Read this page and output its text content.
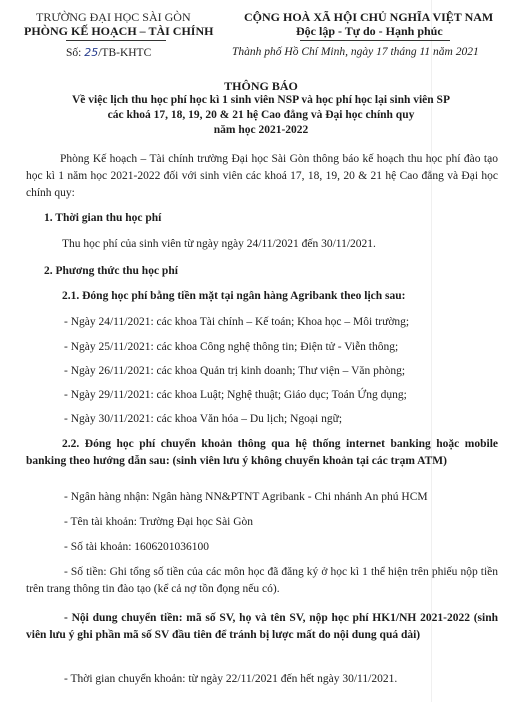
TRƯỜNG ĐẠI HỌC SÀI GÒN
PHÒNG KẾ HOẠCH – TÀI CHÍNH
Số: 25/TB-KHTC
CỘNG HOÀ XÃ HỘI CHỦ NGHĨA VIỆT NAM
Độc lập - Tự do - Hạnh phúc
Thành phố Hồ Chí Minh, ngày 17 tháng 11 năm 2021
THÔNG BÁO
Về việc lịch thu học phí học kì 1 sinh viên NSP và học phí học lại sinh viên SP
các khoá 17, 18, 19, 20 & 21 hệ Cao đẳng và Đại học chính quy
năm học 2021-2022
Phòng Kế hoạch – Tài chính trường Đại học Sài Gòn thông báo kế hoạch thu học phí đào tạo học kì 1 năm học 2021-2022 đối với sinh viên các khoá 17, 18, 19, 20 & 21 hệ Cao đẳng và Đại học chính quy:
1. Thời gian thu học phí
Thu học phí của sinh viên từ ngày ngày 24/11/2021 đến 30/11/2021.
2. Phương thức thu học phí
2.1. Đóng học phí bằng tiền mặt tại ngân hàng Agribank theo lịch sau:
- Ngày 24/11/2021: các khoa Tài chính – Kế toán; Khoa học – Môi trường;
- Ngày 25/11/2021: các khoa Công nghệ thông tin; Điện tử - Viễn thông;
- Ngày 26/11/2021: các khoa Quản trị kinh doanh; Thư viện – Văn phòng;
- Ngày 29/11/2021: các khoa Luật; Nghệ thuật; Giáo dục; Toán Ứng dụng;
- Ngày 30/11/2021: các khoa Văn hóa – Du lịch; Ngoại ngữ;
2.2. Đóng học phí chuyển khoản thông qua hệ thống internet banking hoặc mobile banking theo hướng dẫn sau: (sinh viên lưu ý không chuyển khoản tại các trạm ATM)
- Ngân hàng nhận: Ngân hàng NN&PTNT Agribank - Chi nhánh An phú HCM
- Tên tài khoản: Trường Đại học Sài Gòn
- Số tài khoản: 1606201036100
- Số tiền: Ghi tổng số tiền của các môn học đã đăng ký ở học kì 1 thể hiện trên phiếu nộp tiền trên trang thông tin đào tạo (kể cả nợ tồn đọng nếu có).
- Nội dung chuyển tiền: mã số SV, họ và tên SV, nộp học phí HK1/NH 2021-2022 (sinh viên lưu ý ghi phần mã số SV đầu tiên để tránh bị lược mất do nội dung quá dài)
- Thời gian chuyển khoản: từ ngày 22/11/2021 đến hết ngày 30/11/2021.
